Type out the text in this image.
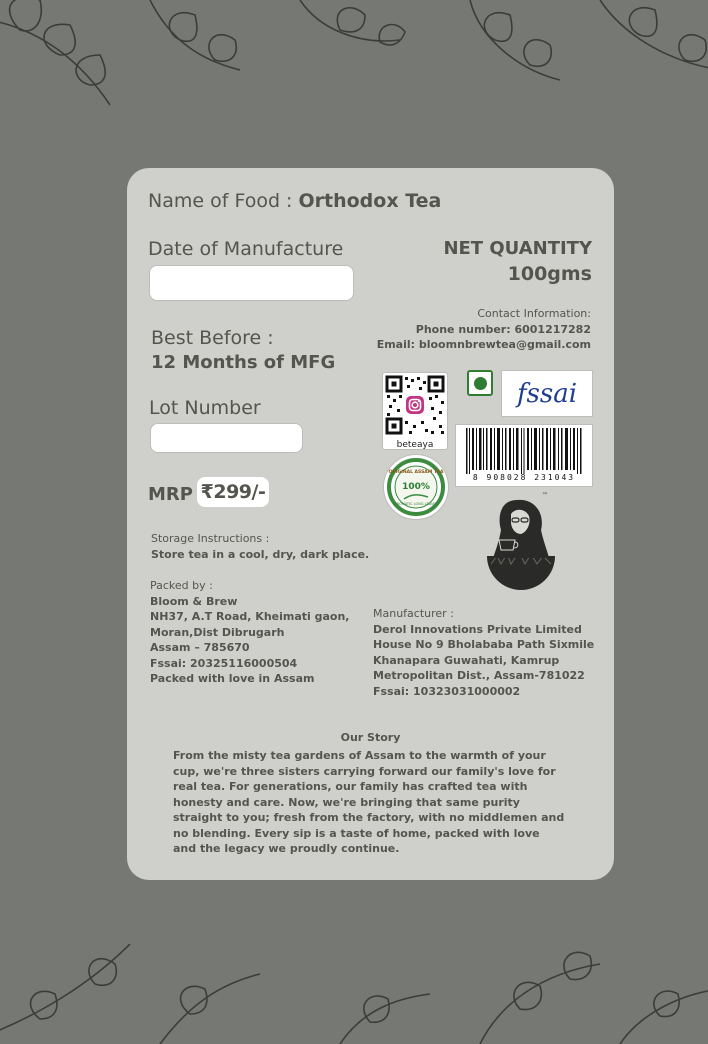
Name of Food : Orthodox Tea
Date of Manufacture	NET QUANTITY
100gms
Contact Information:
Phone number: 6001217282
Email: bloomnbrewtea@gmail.com
Best Before :
12 Months of MFG
Lot Number
MRP ₹299/-
beteaya
fssai
8 908028 231043
ORIGINAL ASSAM TEA
100%
AROMATIC LONG LEAVES
™
Storage Instructions :
Store tea in a cool, dry, dark place.
Packed by :
Bloom & Brew
NH37, A.T Road, Kheimati gaon,
Moran,Dist Dibrugarh
Assam – 785670
Fssai: 20325116000504
Packed with love in Assam
Manufacturer :
Derol Innovations Private Limited
House No 9 Bholababa Path Sixmile
Khanapara Guwahati, Kamrup
Metropolitan Dist., Assam-781022
Fssai: 10323031000002
Our Story
From the misty tea gardens of Assam to the warmth of your cup, we're three sisters carrying forward our family's love for real tea. For generations, our family has crafted tea with honesty and care. Now, we're bringing that same purity straight to you; fresh from the factory, with no middlemen and no blending. Every sip is a taste of home, packed with love and the legacy we proudly continue.
